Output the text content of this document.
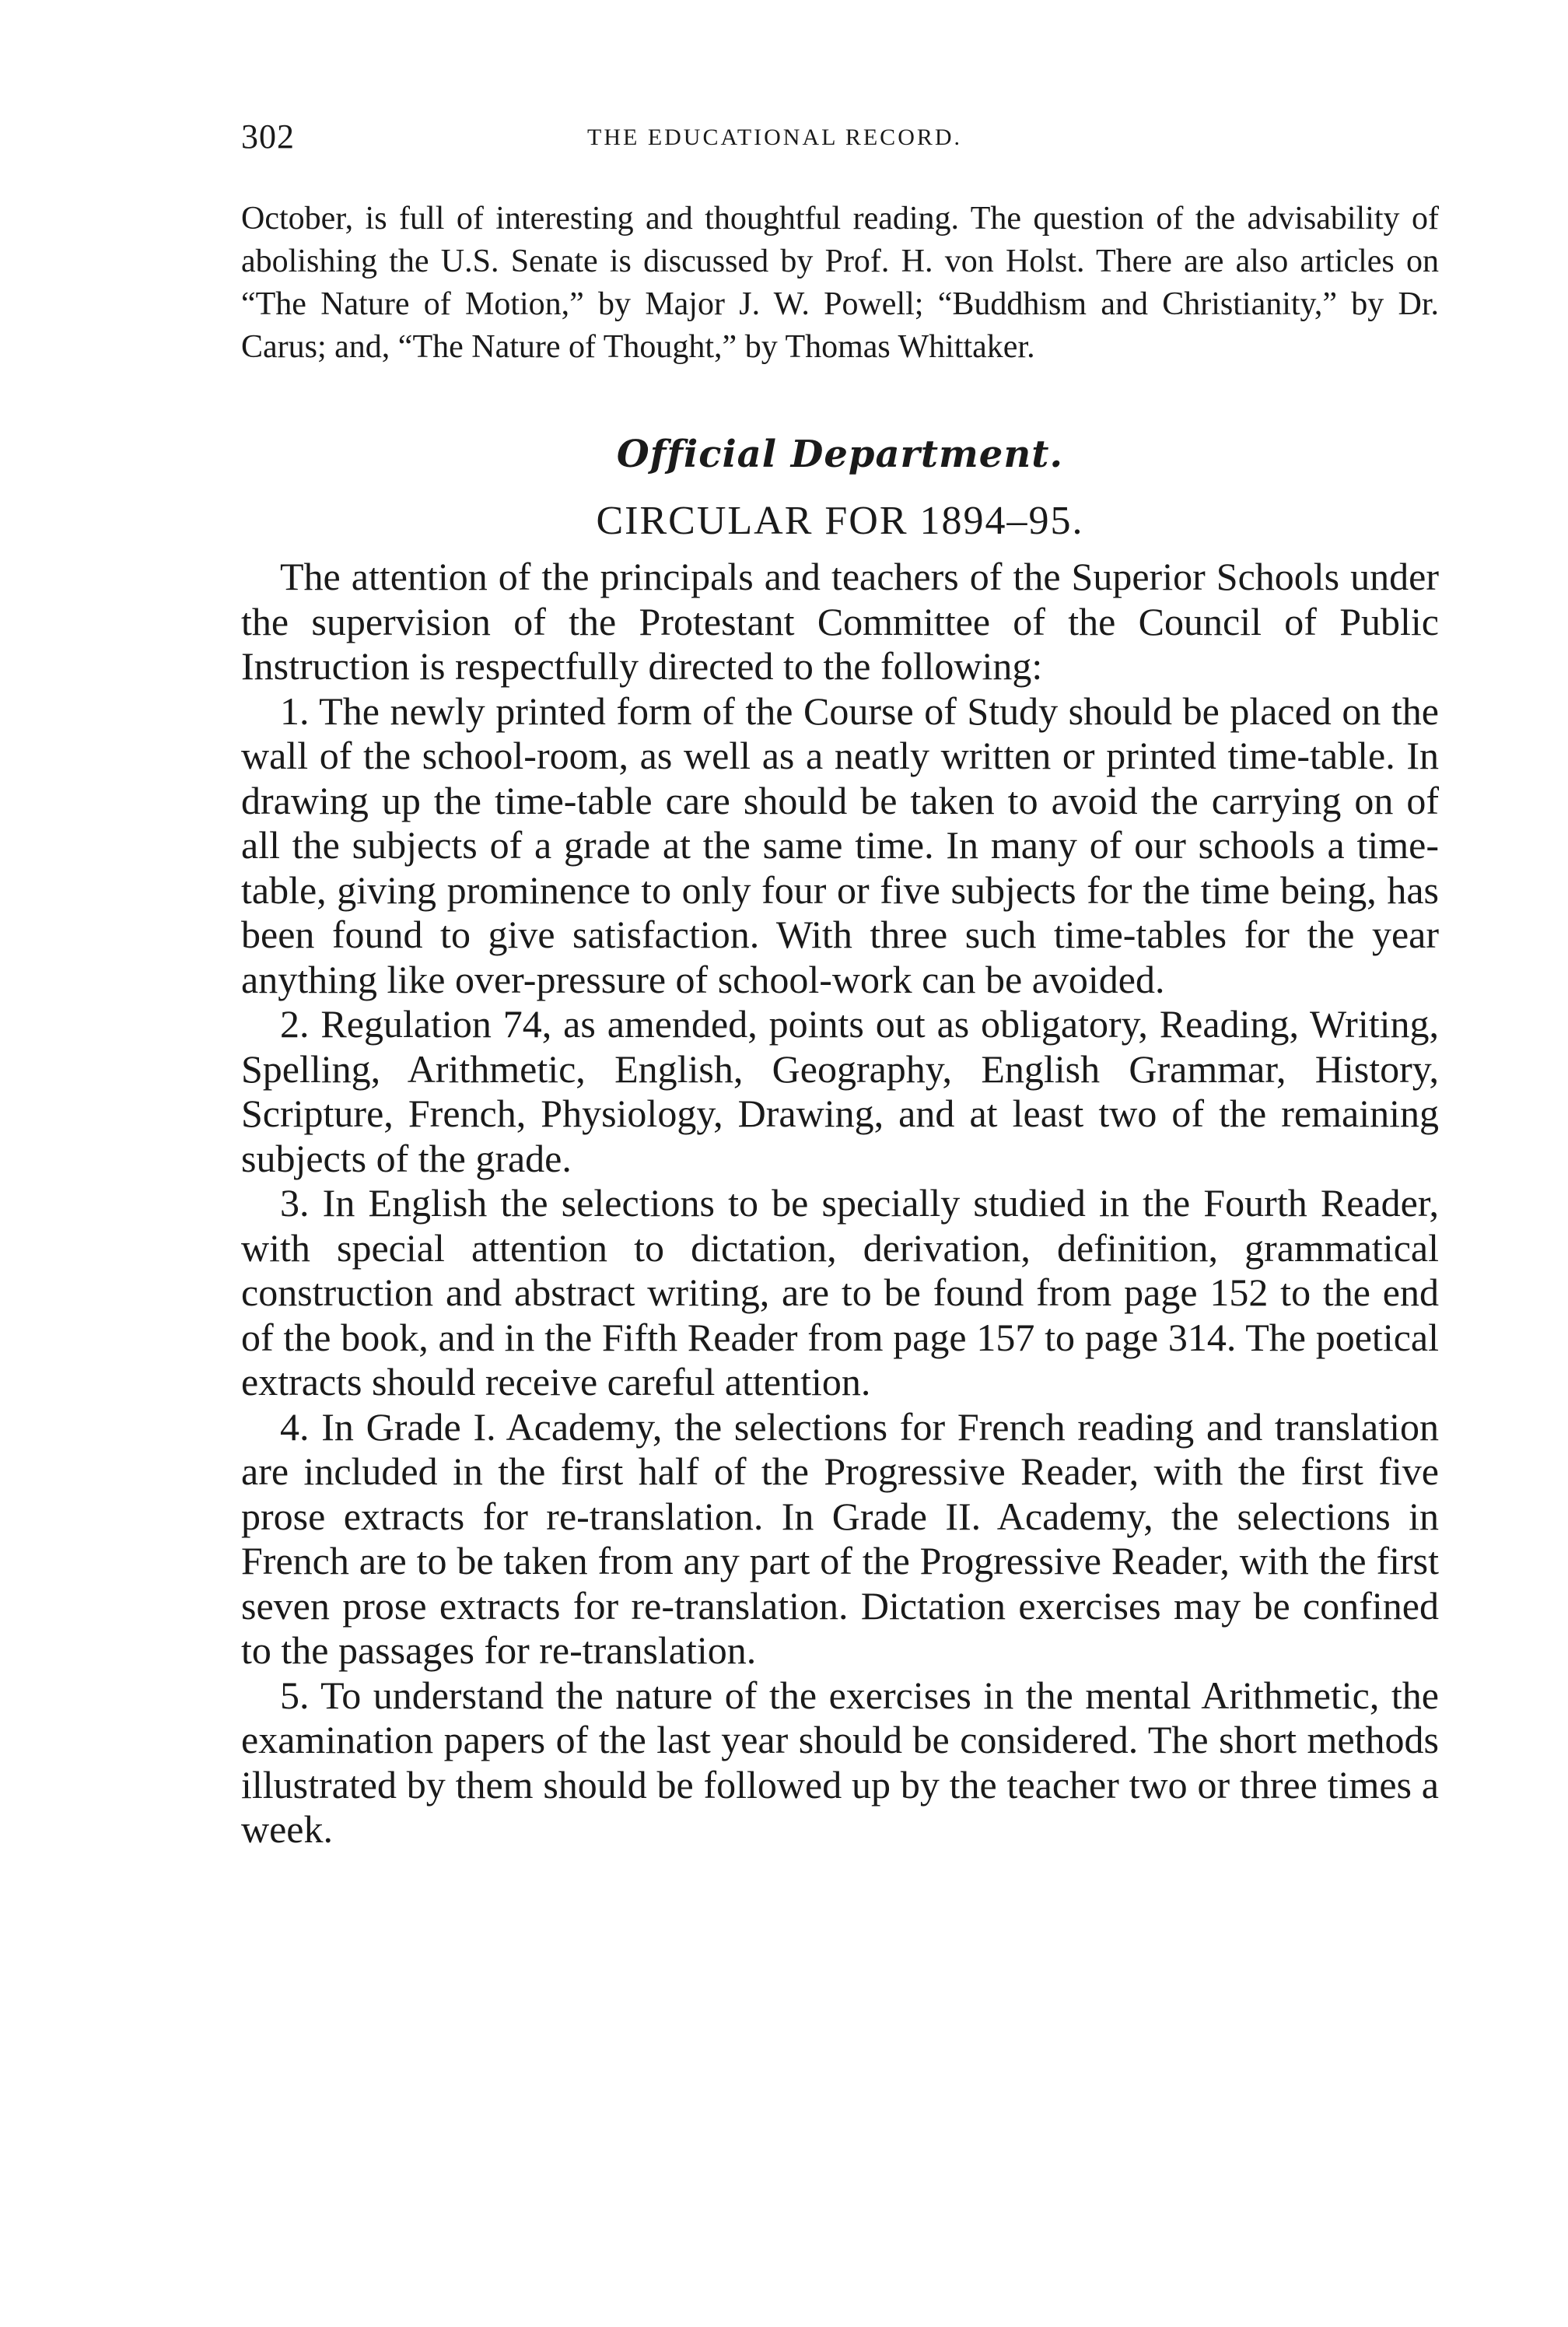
302	THE EDUCATIONAL RECORD.

October, is full of interesting and thoughtful reading. The question of the advisability of abolishing the U.S. Senate is discussed by Prof. H. von Holst. There are also articles on “The Nature of Motion,” by Major J. W. Powell; “Buddhism and Christianity,” by Dr. Carus; and, “The Nature of Thought,” by Thomas Whittaker.

Official Department.
CIRCULAR FOR 1894–95.

The attention of the principals and teachers of the Superior Schools under the supervision of the Protestant Committee of the Council of Public Instruction is respectfully directed to the following:

1. The newly printed form of the Course of Study should be placed on the wall of the school-room, as well as a neatly written or printed time-table. In drawing up the time-table care should be taken to avoid the carrying on of all the subjects of a grade at the same time. In many of our schools a time-table, giving prominence to only four or five subjects for the time being, has been found to give satisfaction. With three such time-tables for the year anything like over-pressure of school-work can be avoided.

2. Regulation 74, as amended, points out as obligatory, Reading, Writing, Spelling, Arithmetic, English, Geography, English Grammar, History, Scripture, French, Physiology, Drawing, and at least two of the remaining subjects of the grade.

3. In English the selections to be specially studied in the Fourth Reader, with special attention to dictation, derivation, definition, grammatical construction and abstract writing, are to be found from page 152 to the end of the book, and in the Fifth Reader from page 157 to page 314. The poetical extracts should receive careful attention.

4. In Grade I. Academy, the selections for French reading and translation are included in the first half of the Progressive Reader, with the first five prose extracts for re-translation. In Grade II. Academy, the selections in French are to be taken from any part of the Progressive Reader, with the first seven prose extracts for re-translation. Dictation exercises may be confined to the passages for re-translation.

5. To understand the nature of the exercises in the mental Arithmetic, the examination papers of the last year should be considered. The short methods illustrated by them should be followed up by the teacher two or three times a week.
